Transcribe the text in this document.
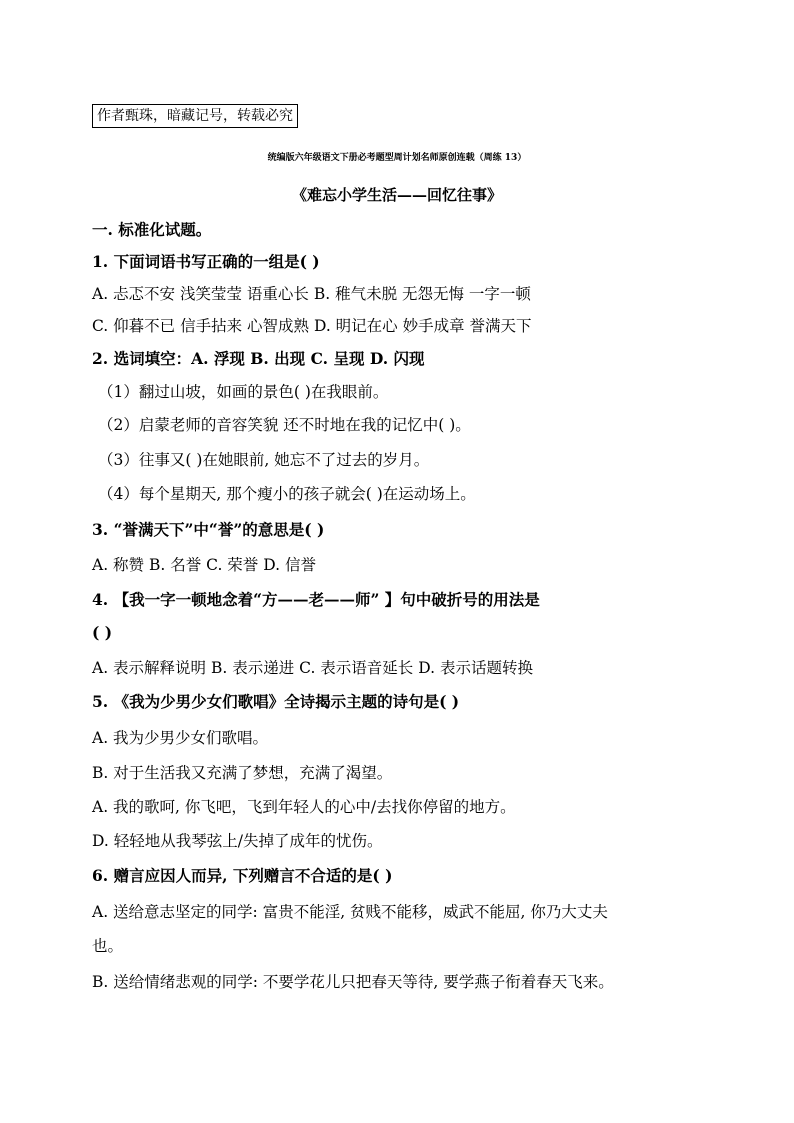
作者甄珠，暗藏记号，转载必究
统编版六年级语文下册必考题型周计划名师原创连载（周练 13）
《难忘小学生活——回忆往事》
一. 标准化试题。
1. 下面词语书写正确的一组是( )
A. 忐忑不安 浅笑莹莹 语重心长 B. 稚气未脱 无怨无悔 一字一顿
C. 仰暮不已 信手拈来 心智成熟 D. 明记在心 妙手成章 誉满天下
2. 选词填空：A. 浮现 B. 出现 C. 呈现 D. 闪现
（1）翻过山坡，如画的景色( )在我眼前。
（2）启蒙老师的音容笑貌 还不时地在我的记忆中( )。
（3）往事又( )在她眼前, 她忘不了过去的岁月。
（4）每个星期天, 那个瘦小的孩子就会( )在运动场上。
3. “誉满天下”中“誉”的意思是( )
A. 称赞 B. 名誉 C. 荣誉 D. 信誉
4. 【我一字一顿地念着“方——老——师” 】句中破折号的用法是
( )
A. 表示解释说明 B. 表示递进 C. 表示语音延长 D. 表示话题转换
5. 《我为少男少女们歌唱》全诗揭示主题的诗句是( )
A. 我为少男少女们歌唱。
B. 对于生活我又充满了梦想，充满了渴望。
A. 我的歌呵, 你飞吧，飞到年轻人的心中/去找你停留的地方。
D. 轻轻地从我琴弦上/失掉了成年的忧伤。
6. 赠言应因人而异, 下列赠言不合适的是( )
A. 送给意志坚定的同学: 富贵不能淫, 贫贱不能移，威武不能屈, 你乃大丈夫
也。
B. 送给情绪悲观的同学: 不要学花儿只把春天等待, 要学燕子衔着春天飞来。
